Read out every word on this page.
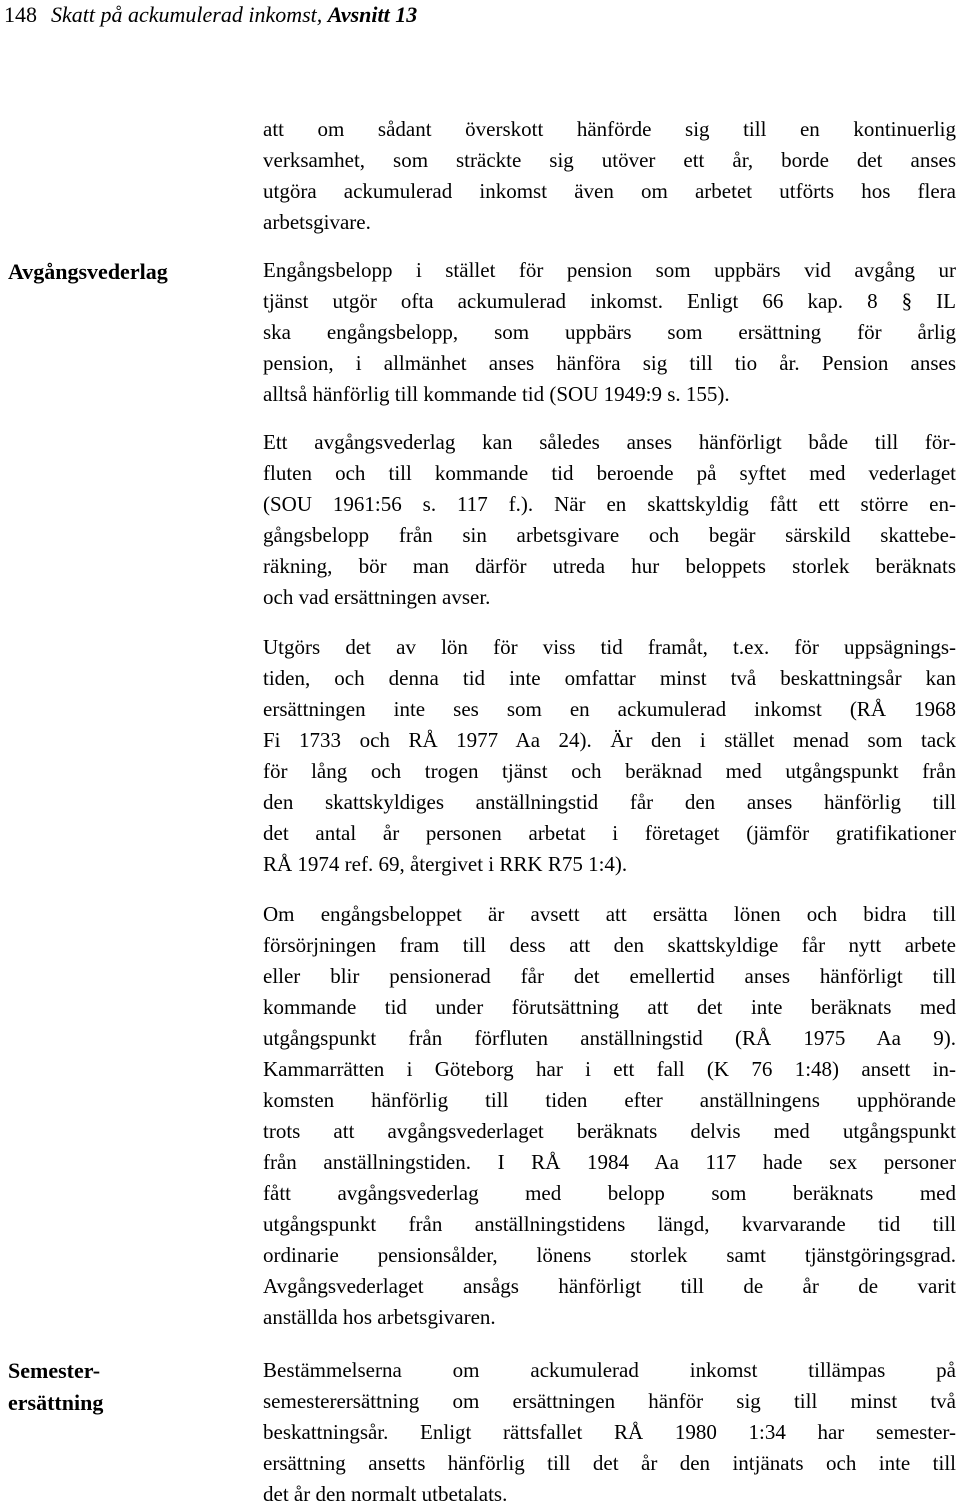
148 Skatt på ackumulerad inkomst, Avsnitt 13
Avgångsvederlag
Semester-
ersättning
att om sådant överskott hänförde sig till en kontinuerlig
verksamhet, som sträckte sig utöver ett år, borde det anses
utgöra ackumulerad inkomst även om arbetet utförts hos flera
arbetsgivare.
Engångsbelopp i stället för pension som uppbärs vid avgång ur
tjänst utgör ofta ackumulerad inkomst. Enligt 66 kap. 8 § IL
ska engångsbelopp, som uppbärs som ersättning för årlig
pension, i allmänhet anses hänföra sig till tio år. Pension anses
alltså hänförlig till kommande tid (SOU 1949:9 s. 155).
Ett avgångsvederlag kan således anses hänförligt både till för-
fluten och till kommande tid beroende på syftet med vederlaget
(SOU 1961:56 s. 117 f.). När en skattskyldig fått ett större en-
gångsbelopp från sin arbetsgivare och begär särskild skattebe-
räkning, bör man därför utreda hur beloppets storlek beräknats
och vad ersättningen avser.
Utgörs det av lön för viss tid framåt, t.ex. för uppsägnings-
tiden, och denna tid inte omfattar minst två beskattningsår kan
ersättningen inte ses som en ackumulerad inkomst (RÅ 1968
Fi 1733 och RÅ 1977 Aa 24). Är den i stället menad som tack
för lång och trogen tjänst och beräknad med utgångspunkt från
den skattskyldiges anställningstid får den anses hänförlig till
det antal år personen arbetat i företaget (jämför gratifikationer
RÅ 1974 ref. 69, återgivet i RRK R75 1:4).
Om engångsbeloppet är avsett att ersätta lönen och bidra till
försörjningen fram till dess att den skattskyldige får nytt arbete
eller blir pensionerad får det emellertid anses hänförligt till
kommande tid under förutsättning att det inte beräknats med
utgångspunkt från förfluten anställningstid (RÅ 1975 Aa 9).
Kammarrätten i Göteborg har i ett fall (K 76 1:48) ansett in-
komsten hänförlig till tiden efter anställningens upphörande
trots att avgångsvederlaget beräknats delvis med utgångspunkt
från anställningstiden. I RÅ 1984 Aa 117 hade sex personer
fått avgångsvederlag med belopp som beräknats med
utgångspunkt från anställningstidens längd, kvarvarande tid till
ordinarie pensionsålder, lönens storlek samt tjänstgöringsgrad.
Avgångsvederlaget ansågs hänförligt till de år de varit
anställda hos arbetsgivaren.
Bestämmelserna om ackumulerad inkomst tillämpas på
semesterersättning om ersättningen hänför sig till minst två
beskattningsår. Enligt rättsfallet RÅ 1980 1:34 har semester-
ersättning ansetts hänförlig till det år den intjänats och inte till
det år den normalt utbetalats.
